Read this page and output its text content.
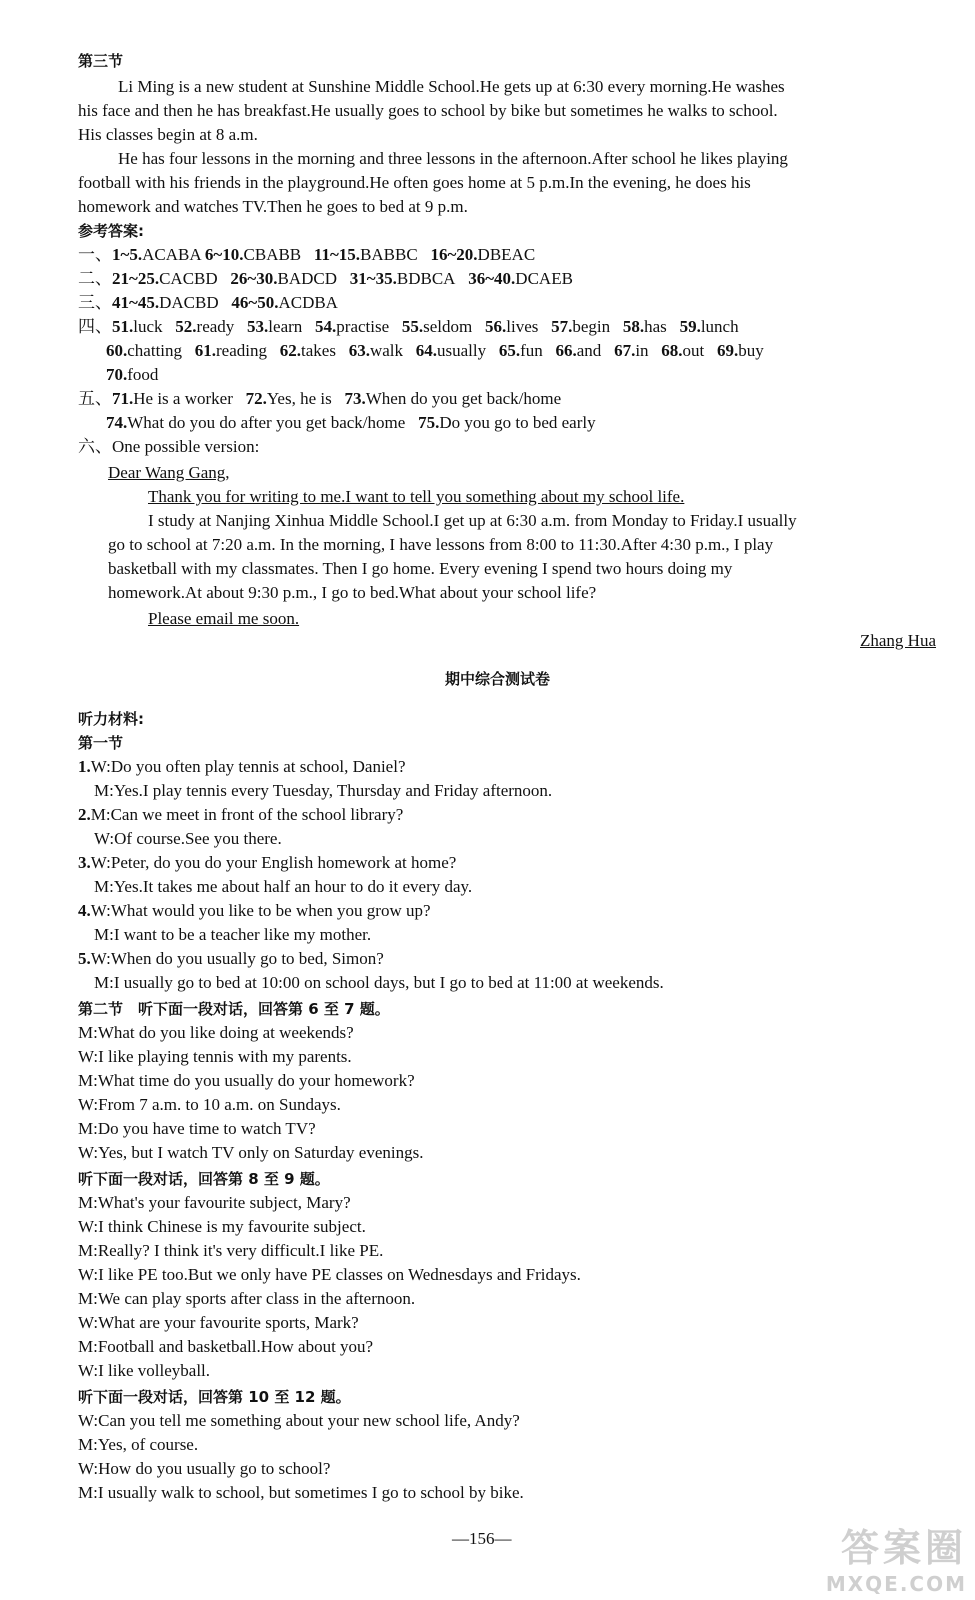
第三节
Li Ming is a new student at Sunshine Middle School.He gets up at 6:30 every morning.He washes
his face and then he has breakfast.He usually goes to school by bike but sometimes he walks to school.
His classes begin at 8 a.m.
He has four lessons in the morning and three lessons in the afternoon.After school he likes playing
football with his friends in the playground.He often goes home at 5 p.m.In the evening, he does his
homework and watches TV.Then he goes to bed at 9 p.m.
参考答案:
一、1~5.ACABA 6~10.CBABB 11~15.BABBC 16~20.DBEAC
二、21~25.CACBD 26~30.BADCD 31~35.BDBCA 36~40.DCAEB
三、41~45.DACBD 46~50.ACDBA
四、51.luck 52.ready 53.learn 54.practise 55.seldom 56.lives 57.begin 58.has 59.lunch
60.chatting 61.reading 62.takes 63.walk 64.usually 65.fun 66.and 67.in 68.out 69.buy
70.food
五、71.He is a worker 72.Yes, he is 73.When do you get back/home
74.What do you do after you get back/home 75.Do you go to bed early
六、One possible version:
Dear Wang Gang,
Thank you for writing to me.I want to tell you something about my school life.
I study at Nanjing Xinhua Middle School.I get up at 6:30 a.m. from Monday to Friday.I usually
go to school at 7:20 a.m. In the morning, I have lessons from 8:00 to 11:30.After 4:30 p.m., I play
basketball with my classmates. Then I go home. Every evening I spend two hours doing my
homework.At about 9:30 p.m., I go to bed.What about your school life?
Please email me soon.
Zhang Hua
期中综合测试卷
听力材料:
第一节
1.W:Do you often play tennis at school, Daniel?
M:Yes.I play tennis every Tuesday, Thursday and Friday afternoon.
2.M:Can we meet in front of the school library?
W:Of course.See you there.
3.W:Peter, do you do your English homework at home?
M:Yes.It takes me about half an hour to do it every day.
4.W:What would you like to be when you grow up?
M:I want to be a teacher like my mother.
5.W:When do you usually go to bed, Simon?
M:I usually go to bed at 10:00 on school days, but I go to bed at 11:00 at weekends.
第二节　听下面一段对话，回答第 6 至 7 题。
M:What do you like doing at weekends?
W:I like playing tennis with my parents.
M:What time do you usually do your homework?
W:From 7 a.m. to 10 a.m. on Sundays.
M:Do you have time to watch TV?
W:Yes, but I watch TV only on Saturday evenings.
听下面一段对话，回答第 8 至 9 题。
M:What's your favourite subject, Mary?
W:I think Chinese is my favourite subject.
M:Really? I think it's very difficult.I like PE.
W:I like PE too.But we only have PE classes on Wednesdays and Fridays.
M:We can play sports after class in the afternoon.
W:What are your favourite sports, Mark?
M:Football and basketball.How about you?
W:I like volleyball.
听下面一段对话，回答第 10 至 12 题。
W:Can you tell me something about your new school life, Andy?
M:Yes, of course.
W:How do you usually go to school?
M:I usually walk to school, but sometimes I go to school by bike.
—156—	答案圈
MXQE.COM
